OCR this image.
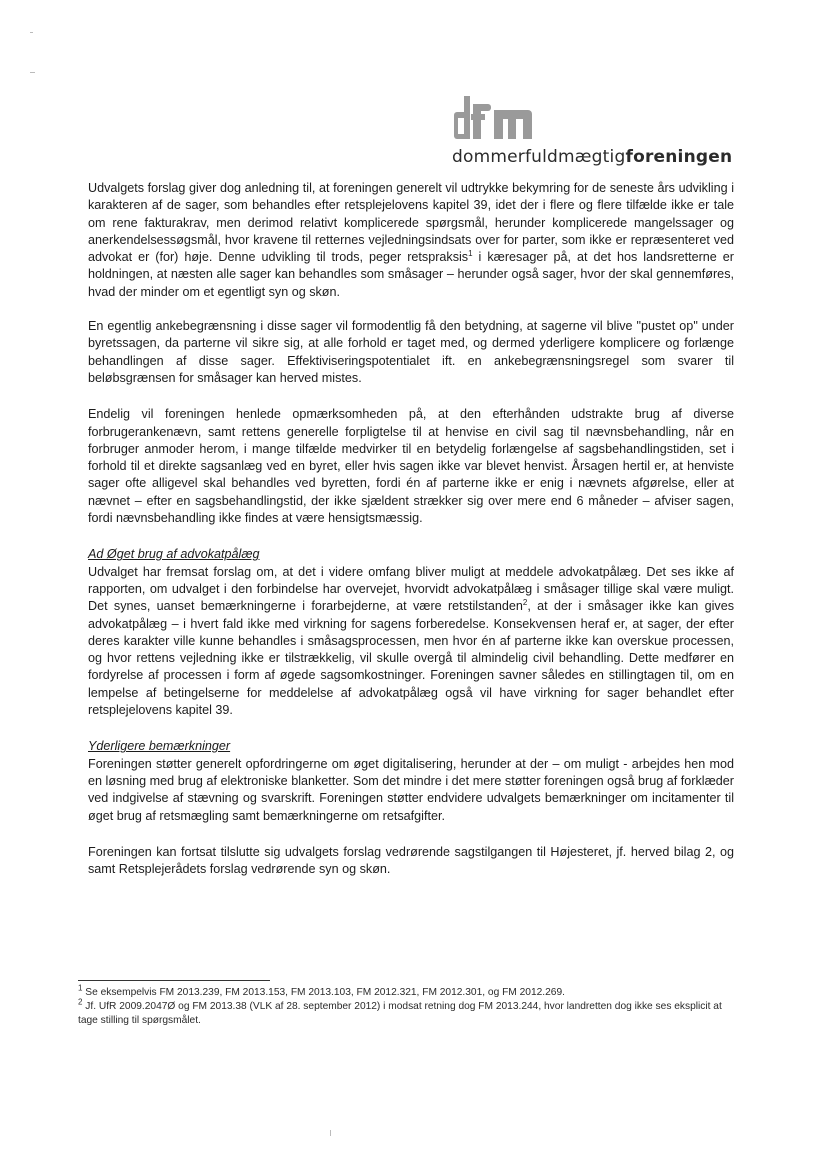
dommerfuldmægtigforeningen

Udvalgets forslag giver dog anledning til, at foreningen generelt vil udtrykke bekymring for de seneste års udvikling i karakteren af de sager, som behandles efter retsplejelovens kapitel 39, idet der i flere og flere tilfælde ikke er tale om rene fakturakrav, men derimod relativt komplicerede spørgsmål, herunder komplicerede mangelssager og anerkendelsessøgsmål, hvor kravene til retternes vejledningsindsats over for parter, som ikke er repræsenteret ved advokat er (for) høje. Denne udvikling til trods, peger retspraksis$^1$ i kæresager på, at det hos landsretterne er holdningen, at næsten alle sager kan behandles som småsager – herunder også sager, hvor der skal gennemføres, hvad der minder om et egentligt syn og skøn.

En egentlig ankebegrænsning i disse sager vil formodentlig få den betydning, at sagerne vil blive "pustet op" under byretssagen, da parterne vil sikre sig, at alle forhold er taget med, og dermed yderligere komplicere og forlænge behandlingen af disse sager. Effektiviseringspotentialet ift. en ankebegrænsningsregel som svarer til beløbsgrænsen for småsager kan herved mistes.

Endelig vil foreningen henlede opmærksomheden på, at den efterhånden udstrakte brug af diverse forbrugerankenævn, samt rettens generelle forpligtelse til at henvise en civil sag til nævnsbehandling, når en forbruger anmoder herom, i mange tilfælde medvirker til en betydelig forlængelse af sagsbehandlingstiden, set i forhold til et direkte sagsanlæg ved en byret, eller hvis sagen ikke var blevet henvist. Årsagen hertil er, at henviste sager ofte alligevel skal behandles ved byretten, fordi én af parterne ikke er enig i nævnets afgørelse, eller at nævnet – efter en sagsbehandlingstid, der ikke sjældent strækker sig over mere end 6 måneder – afviser sagen, fordi nævnsbehandling ikke findes at være hensigtsmæssig.

Ad Øget brug af advokatpålæg

Udvalget har fremsat forslag om, at det i videre omfang bliver muligt at meddele advokatpålæg. Det ses ikke af rapporten, om udvalget i den forbindelse har overvejet, hvorvidt advokatpålæg i småsager tillige skal være muligt. Det synes, uanset bemærkningerne i forarbejderne, at være retstilstanden$^2$, at der i småsager ikke kan gives advokatpålæg – i hvert fald ikke med virkning for sagens forberedelse. Konsekvensen heraf er, at sager, der efter deres karakter ville kunne behandles i småsagsprocessen, men hvor én af parterne ikke kan overskue processen, og hvor rettens vejledning ikke er tilstrækkelig, vil skulle overgå til almindelig civil behandling. Dette medfører en fordyrelse af processen i form af øgede sagsomkostninger. Foreningen savner således en stillingtagen til, om en lempelse af betingelserne for meddelelse af advokatpålæg også vil have virkning for sager behandlet efter retsplejelovens kapitel 39.

Yderligere bemærkninger

Foreningen støtter generelt opfordringerne om øget digitalisering, herunder at der – om muligt - arbejdes hen mod en løsning med brug af elektroniske blanketter. Som det mindre i det mere støtter foreningen også brug af forklæder ved indgivelse af stævning og svarskrift. Foreningen støtter endvidere udvalgets bemærkninger om incitamenter til øget brug af retsmægling samt bemærkningerne om retsafgifter.

Foreningen kan fortsat tilslutte sig udvalgets forslag vedrørende sagstilgangen til Højesteret, jf. herved bilag 2, og samt Retsplejerådets forslag vedrørende syn og skøn.

$^1$ Se eksempelvis FM 2013.239, FM 2013.153, FM 2013.103, FM 2012.321, FM 2012.301, og FM 2012.269.
$^2$ Jf. UfR 2009.2047Ø og FM 2013.38 (VLK af 28. september 2012) i modsat retning dog FM 2013.244, hvor landretten dog ikke ses eksplicit at tage stilling til spørgsmålet.
